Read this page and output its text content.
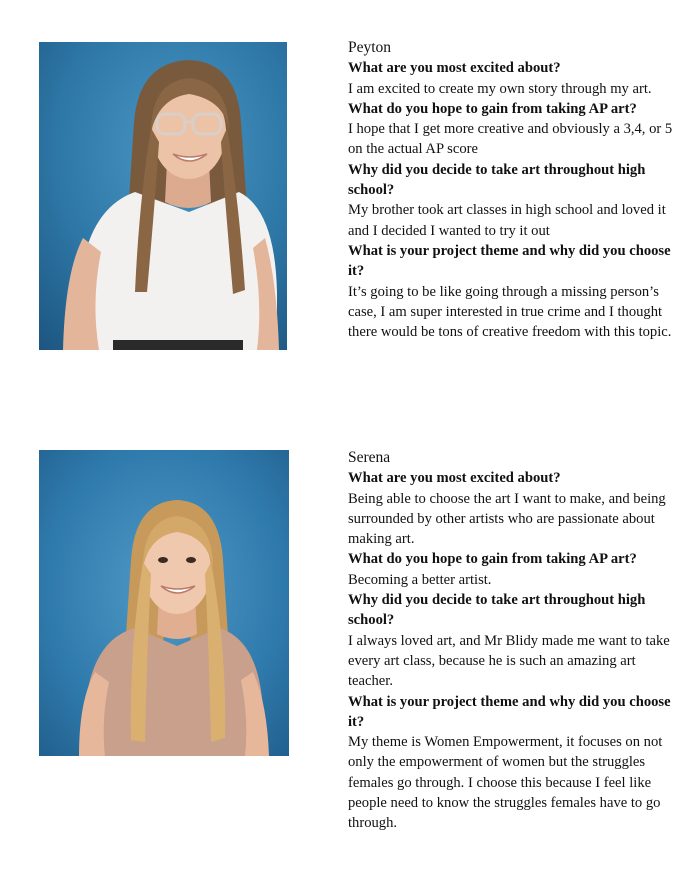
Peyton

What are you most excited about?

I am excited to create my own story through my art.

What do you hope to gain from taking AP art?

I hope that I get more creative and obviously a 3,4, or 5 on the actual AP score

Why did you decide to take art throughout high school?

My brother took art classes in high school and loved it and I decided I wanted to try it out

What is your project theme and why did you choose it?

It’s going to be like going through a missing person’s case, I am super interested in true crime and I thought there would be tons of creative freedom with this topic.

Serena

What are you most excited about?

Being able to choose the art I want to make, and being surrounded by other artists who are passionate about making art.

What do you hope to gain from taking AP art?

Becoming a better artist.

Why did you decide to take art throughout high school?

I always loved art, and Mr Blidy made me want to take every art class, because he is such an amazing art teacher.

What is your project theme and why did you choose it?

My theme is Women Empowerment, it focuses on not only the empowerment of women but the struggles females go through. I choose this because I feel like people need to know the struggles females have to go through.
